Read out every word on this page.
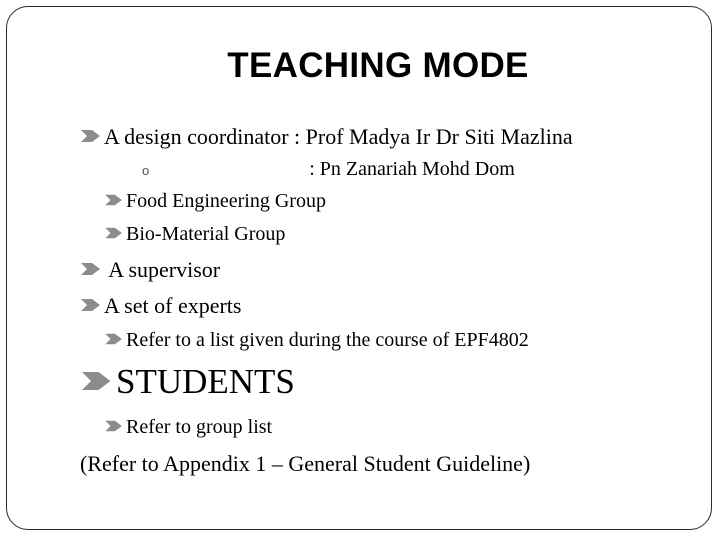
TEACHING MODE
A design coordinator : Prof Madya Ir Dr Siti Mazlina
o	: Pn Zanariah Mohd Dom
Food Engineering Group
Bio-Material Group
A supervisor
A set of experts
Refer to a list given during the course of EPF4802
STUDENTS
Refer to group list
(Refer to Appendix 1 – General Student Guideline)
